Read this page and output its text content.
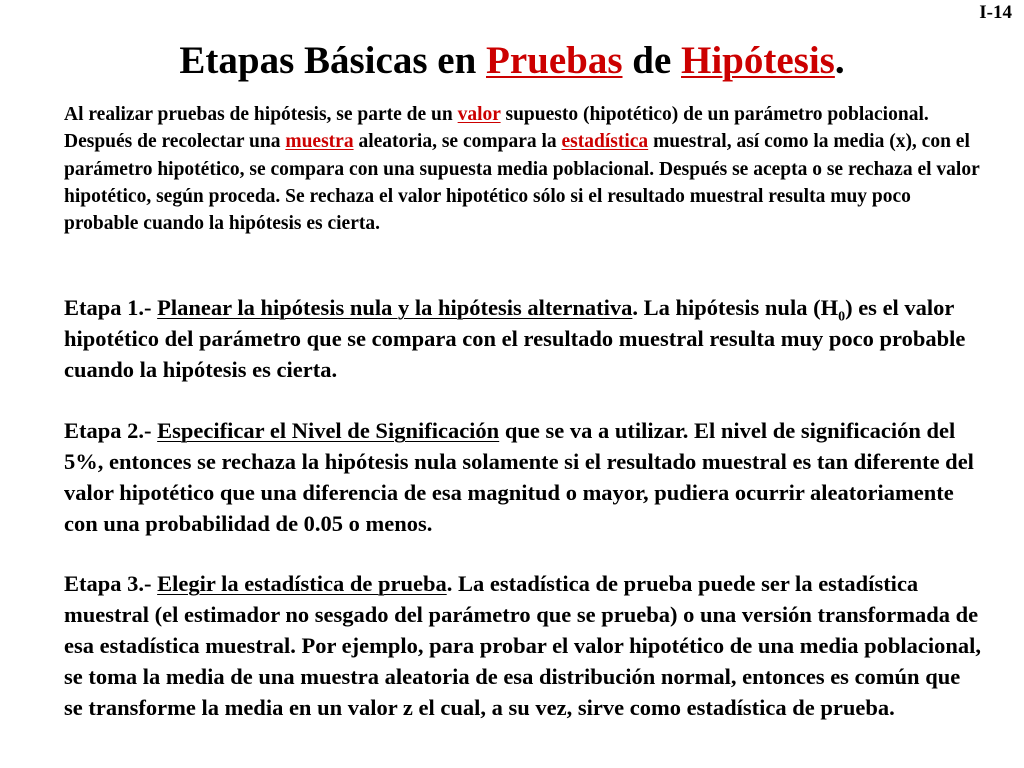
I-14
Etapas Básicas en Pruebas de Hipótesis.
Al realizar pruebas de hipótesis, se parte de un valor supuesto (hipotético) de un parámetro poblacional. Después de recolectar una muestra aleatoria, se compara la estadística muestral, así como la media (x), con el parámetro hipotético, se compara con una supuesta media poblacional. Después se acepta o se rechaza el valor hipotético, según proceda. Se rechaza el valor hipotético sólo si el resultado muestral resulta muy poco probable cuando la hipótesis es cierta.
Etapa 1.- Planear la hipótesis nula y la hipótesis alternativa. La hipótesis nula $(H_0)$ es el valor hipotético del parámetro que se compara con el resultado muestral resulta muy poco probable cuando la hipótesis es cierta.
Etapa 2.- Especificar el Nivel de Significación que se va a utilizar. El nivel de significación del 5%, entonces se rechaza la hipótesis nula solamente si el resultado muestral es tan diferente del valor hipotético que una diferencia de esa magnitud o mayor, pudiera ocurrir aleatoriamente con una probabilidad de 0.05 o menos.
Etapa 3.- Elegir la estadística de prueba. La estadística de prueba puede ser la estadística muestral (el estimador no sesgado del parámetro que se prueba) o una versión transformada de esa estadística muestral. Por ejemplo, para probar el valor hipotético de una media poblacional, se toma la media de una muestra aleatoria de esa distribución normal, entonces es común que se transforme la media en un valor z el cual, a su vez, sirve como estadística de prueba.
